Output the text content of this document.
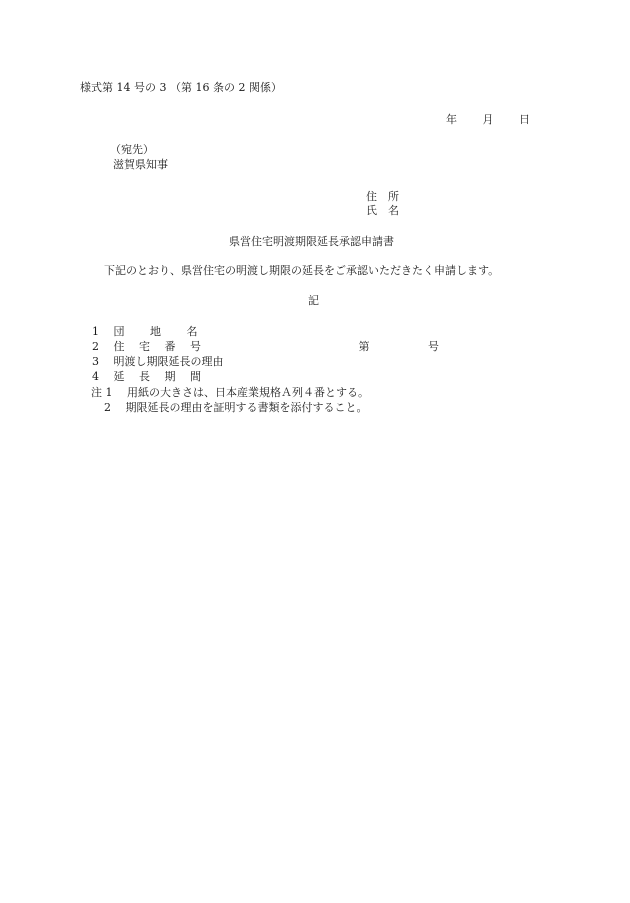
様式第 14 号の 3 （第 16 条の 2 関係）
年　　 月　　 日
（宛先）
滋賀県知事
住　所
氏　名
県営住宅明渡期限延長承認申請書
下記のとおり、県営住宅の明渡し期限の延長をご承認いただきたく申請します。
記
1　 団　　 地　　 名
2　 住　 宅　 番　 号　　　　　　　　　　　　　　 第　　　　　 号
3　 明渡し期限延長の理由
4　 延　 長　 期　 間
注 1　 用紙の大きさは、日本産業規格Ａ列４番とする。
2　 期限延長の理由を証明する書類を添付すること。
